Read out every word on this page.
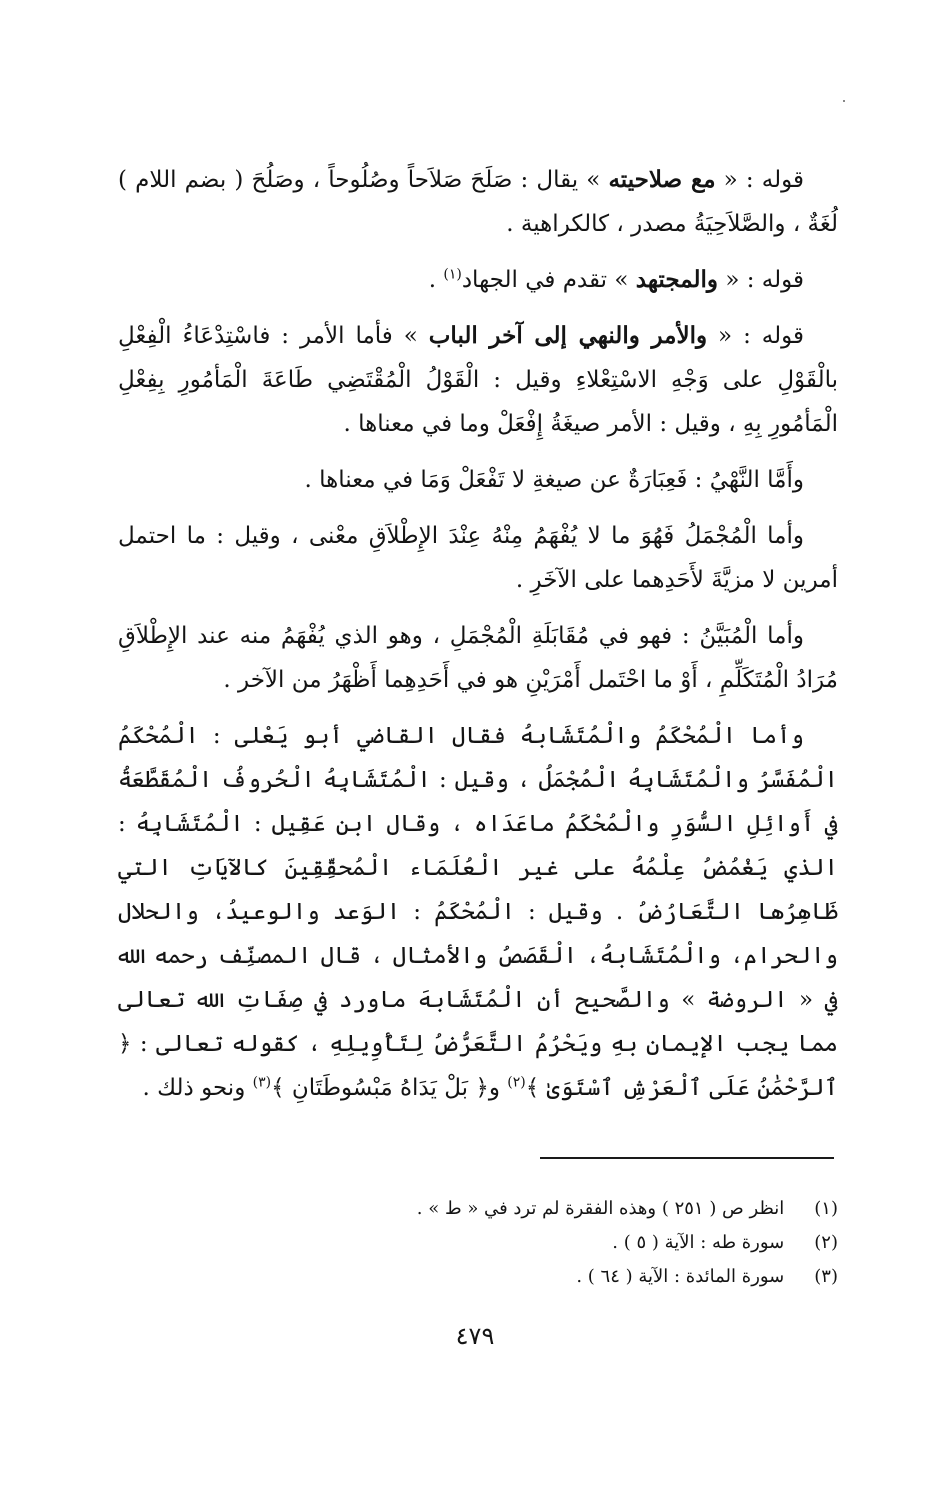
قوله : « مع صلاحيته » يقال : صَلَحَ صَلاَحاً وصُلُوحاً ، وصَلُحَ ( بضم اللام ) لُغَةٌ ، والصَّلاَحِيَةُ مصدر ، كالكراهية .

قوله : « والمجتهد » تقدم في الجهاد$^{(١)}$ .

قوله : « والأمر والنهي إلى آخر الباب » فأما الأمر : فاسْتِدْعَاءُ الْفِعْلِ بالْقَوْلِ على وَجْهِ الاسْتِعْلاءِ وقيل : الْقَوْلُ الْمُقْتَضِي طَاعَةَ الْمَأمُورِ بِفِعْلِ الْمَأمُورِ بِهِ ، وقيل : الأمر صيغَةُ إِفْعَلْ وما في معناها .

وأَمَّا النَّهْيُ : فَعِبَارَةٌ عن صيغةِ لا تَفْعَلْ وَمَا في معناها .

وأما الْمُجْمَلُ فَهُوَ ما لا يُفْهَمُ مِنْهُ عِنْدَ الإِطْلاَقِ معْنى ، وقيل : ما احتمل أمرين لا مزيَّةَ لأَحَدِهما على الآخَرِ .

وأما الْمُبَيَّنُ : فهو في مُقَابَلَةِ الْمُجْمَلِ ، وهو الذي يُفْهَمُ منه عند الإِطْلاَقِ مُرَادُ الْمُتَكَلِّمِ ، أَوْ ما احْتَمل أَمْرَيْنِ هو في أَحَدِهِما أَظْهَرُ من الآخر .

وأما الْمُحْكَمُ والْمُتَشَابهُ فقال القاضي أبو يَعْلى : الْمُحْكَمُ الْمُفَسَّرُ والْمُتَشَابِهُ الْمُجْمَلُ ، وقيل : الْمُتَشَابِهُ الْحُروفُ الْمُقَطَّعَةُ في أَوائِلِ السُّوَرِ والْمُحْكَمُ ماعَدَاه ، وقال ابن عَقِيل : الْمُتَشَابِهُ : الذي يَغْمُضُ عِلْمُهُ على غير الْعُلَمَاء الْمُحقِّقِينَ كالآيَاتِ التي ظَاهِرُها التَّعَارُضُ . وقيل : الْمُحْكَمُ : الوَعد والوعيدُ، والحلال والحرام، والْمُتَشَابهُ، الْقَصَصُ والأمثال ، قال المصنِّف رحمه الله في « الروضة » والصَّحيح أن الْمُتَشَابهَ ماورد في صِفَاتِ الله تعالى مما يجب الإيمان بهِ ويَحْرُمُ التَّعَرُّضُ لِتَأْوِيلِهِ ، كقوله تعالى : ﴿ ٱلرَّحْمَٰنُ عَلَى ٱلْعَرْشِ ٱسْتَوَىٰ ﴾$^{(٢)}$ و﴿ بَلْ يَدَاهُ مَبْسُوطَتَانِ ﴾$^{(٣)}$ ونحو ذلك .

(١) انظر ص ( ٢٥١ ) وهذه الفقرة لم ترد في « ط » .
(٢) سورة طه : الآية ( ٥ ) .
(٣) سورة المائدة : الآية ( ٦٤ ) .
٤٧٩
